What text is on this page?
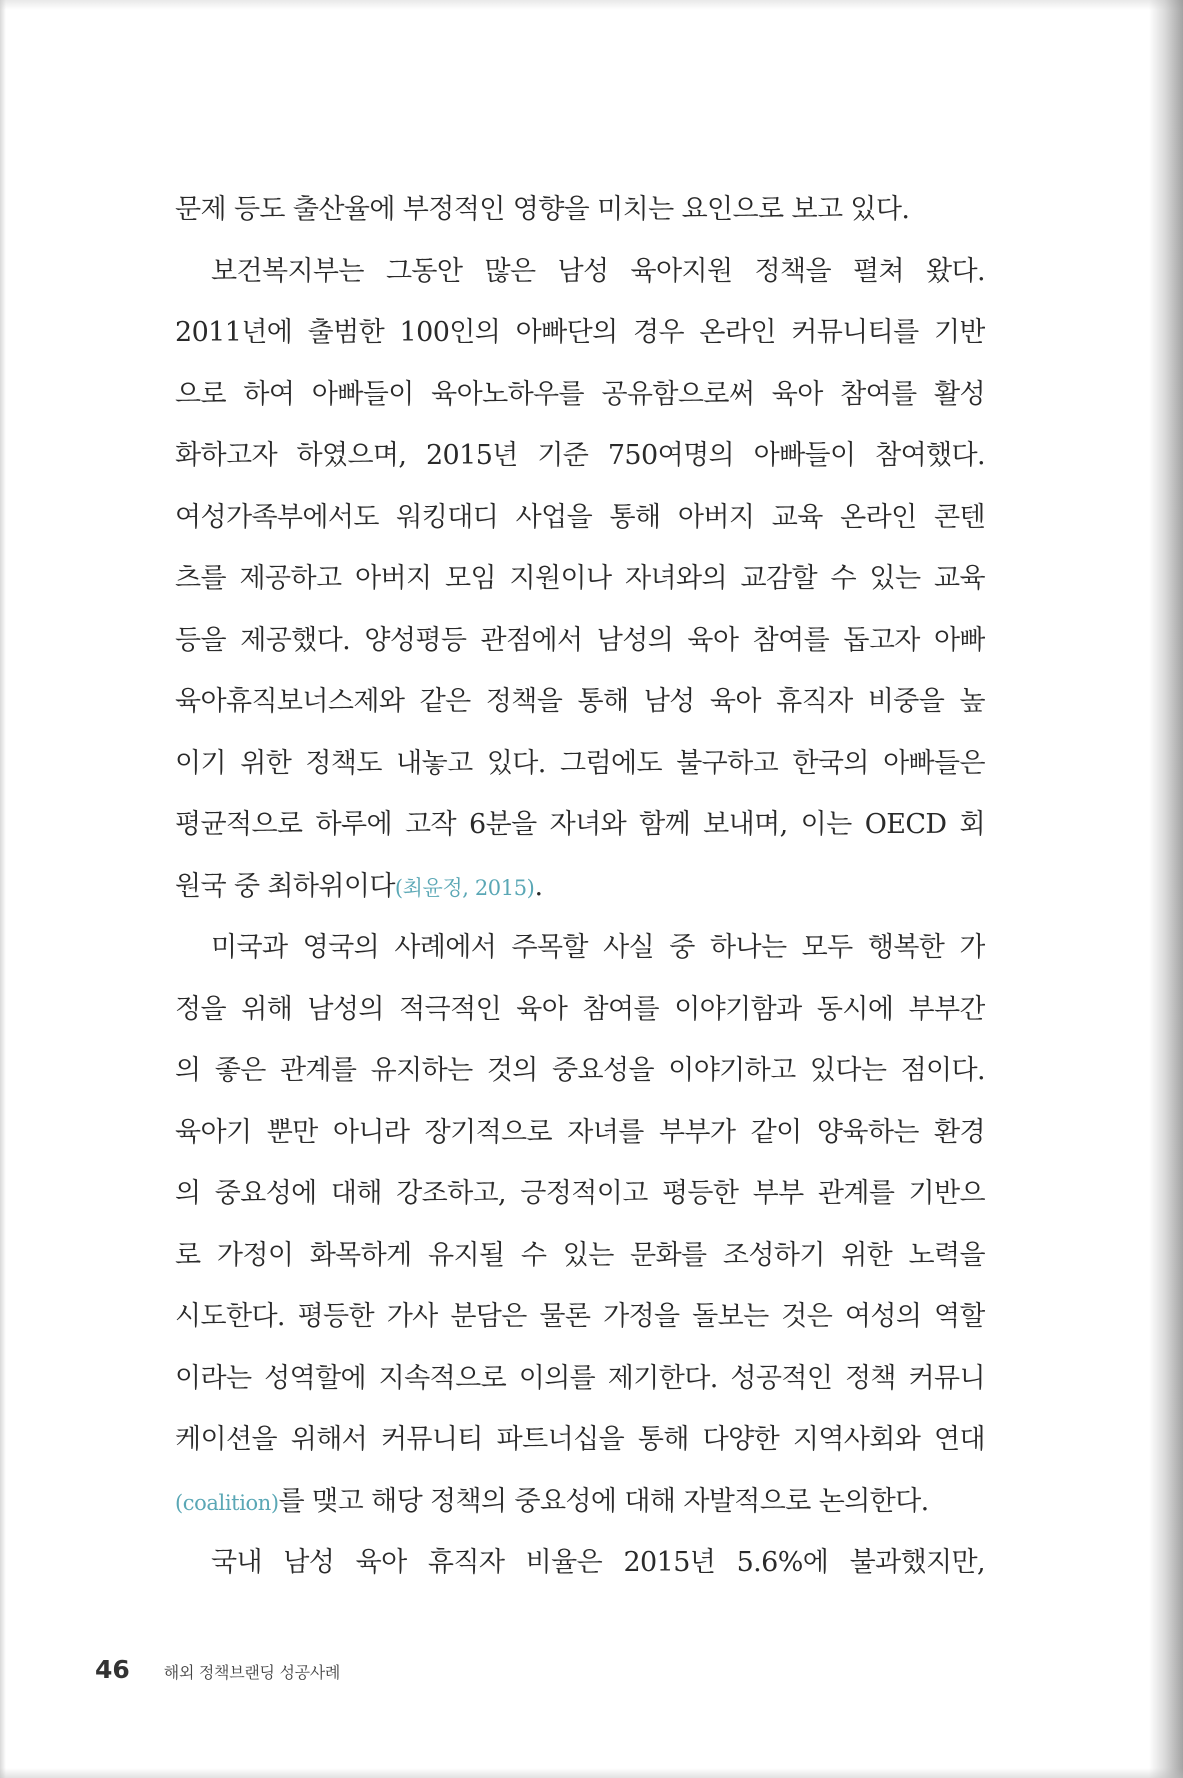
문제 등도 출산율에 부정적인 영향을 미치는 요인으로 보고 있다.
보건복지부는 그동안 많은 남성 육아지원 정책을 펼쳐 왔다.
2011년에 출범한 100인의 아빠단의 경우 온라인 커뮤니티를 기반
으로 하여 아빠들이 육아노하우를 공유함으로써 육아 참여를 활성
화하고자 하였으며, 2015년 기준 750여명의 아빠들이 참여했다.
여성가족부에서도 워킹대디 사업을 통해 아버지 교육 온라인 콘텐
츠를 제공하고 아버지 모임 지원이나 자녀와의 교감할 수 있는 교육
등을 제공했다. 양성평등 관점에서 남성의 육아 참여를 돕고자 아빠
육아휴직보너스제와 같은 정책을 통해 남성 육아 휴직자 비중을 높
이기 위한 정책도 내놓고 있다. 그럼에도 불구하고 한국의 아빠들은
평균적으로 하루에 고작 6분을 자녀와 함께 보내며, 이는 OECD 회
원국 중 최하위이다(최윤정, 2015).
미국과 영국의 사례에서 주목할 사실 중 하나는 모두 행복한 가
정을 위해 남성의 적극적인 육아 참여를 이야기함과 동시에 부부간
의 좋은 관계를 유지하는 것의 중요성을 이야기하고 있다는 점이다.
육아기 뿐만 아니라 장기적으로 자녀를 부부가 같이 양육하는 환경
의 중요성에 대해 강조하고, 긍정적이고 평등한 부부 관계를 기반으
로 가정이 화목하게 유지될 수 있는 문화를 조성하기 위한 노력을
시도한다. 평등한 가사 분담은 물론 가정을 돌보는 것은 여성의 역할
이라는 성역할에 지속적으로 이의를 제기한다. 성공적인 정책 커뮤니
케이션을 위해서 커뮤니티 파트너십을 통해 다양한 지역사회와 연대
(coalition)를 맺고 해당 정책의 중요성에 대해 자발적으로 논의한다.
국내 남성 육아 휴직자 비율은 2015년 5.6%에 불과했지만,
46 해외 정책브랜딩 성공사례
